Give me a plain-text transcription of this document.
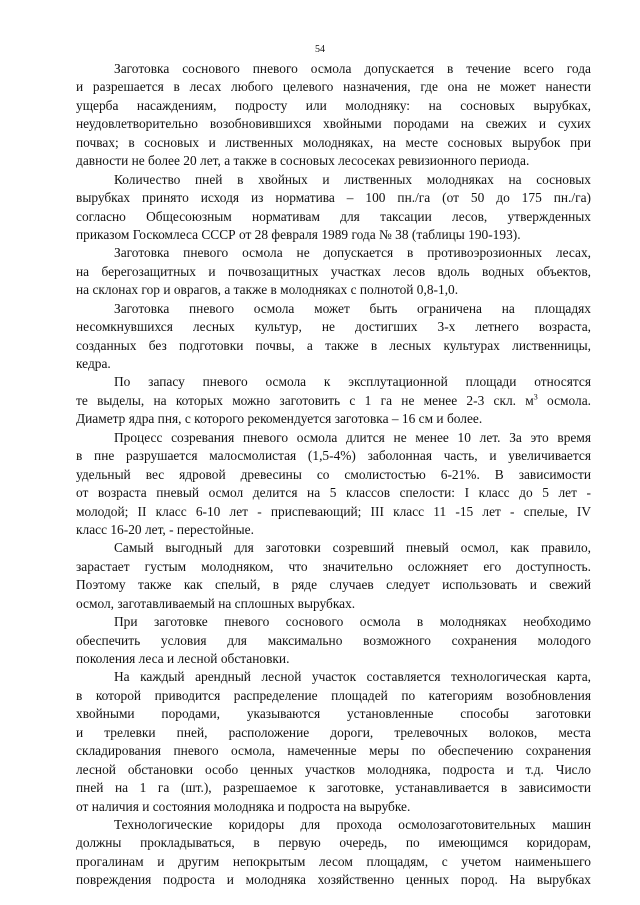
54
Заготовка соснового пневого осмола допускается в течение всего года
и разрешается в лесах любого целевого назначения, где она не может нанести
ущерба насаждениям, подросту или молодняку: на сосновых вырубках,
неудовлетворительно возобновившихся хвойными породами на свежих и сухих
почвах; в сосновых и лиственных молодняках, на месте сосновых вырубок при
давности не более 20 лет, а также в сосновых лесосеках ревизионного периода.
Количество пней в хвойных и лиственных молодняках на сосновых
вырубках принято исходя из норматива – 100 пн./га (от 50 до 175 пн./га)
согласно Общесоюзным нормативам для таксации лесов, утвержденных
приказом Госкомлеса СССР от 28 февраля 1989 года № 38 (таблицы 190-193).
Заготовка пневого осмола не допускается в противоэрозионных лесах,
на берегозащитных и почвозащитных участках лесов вдоль водных объектов,
на склонах гор и оврагов, а также в молодняках с полнотой 0,8-1,0.
Заготовка пневого осмола может быть ограничена на площадях
несомкнувшихся лесных культур, не достигших 3-х летнего возраста,
созданных без подготовки почвы, а также в лесных культурах лиственницы,
кедра.
По запасу пневого осмола к эксплутационной площади относятся
те выделы, на которых можно заготовить с 1 га не менее 2-3 скл. $м^3$ осмола.
Диаметр ядра пня, с которого рекомендуется заготовка – 16 см и более.
Процесс созревания пневого осмола длится не менее 10 лет. За это время
в пне разрушается малосмолистая (1,5-4%) заболонная часть, и увеличивается
удельный вес ядровой древесины со смолистостью 6-21%. В зависимости
от возраста пневый осмол делится на 5 классов спелости: I класс до 5 лет -
молодой; II класс 6-10 лет - приспевающий; III класс 11 -15 лет - спелые, IV
класс 16-20 лет, - перестойные.
Самый выгодный для заготовки созревший пневый осмол, как правило,
зарастает густым молодняком, что значительно осложняет его доступность.
Поэтому также как спелый, в ряде случаев следует использовать и свежий
осмол, заготавливаемый на сплошных вырубках.
При заготовке пневого соснового осмола в молодняках необходимо
обеспечить условия для максимально возможного сохранения молодого
поколения леса и лесной обстановки.
На каждый арендный лесной участок составляется технологическая карта,
в которой приводится распределение площадей по категориям возобновления
хвойными породами, указываются установленные способы заготовки
и трелевки пней, расположение дороги, трелевочных волоков, места
складирования пневого осмола, намеченные меры по обеспечению сохранения
лесной обстановки особо ценных участков молодняка, подроста и т.д. Число
пней на 1 га (шт.), разрешаемое к заготовке, устанавливается в зависимости
от наличия и состояния молодняка и подроста на вырубке.
Технологические коридоры для прохода осмолозаготовительных машин
должны прокладываться, в первую очередь, по имеющимся коридорам,
прогалинам и другим непокрытым лесом площадям, с учетом наименьшего
повреждения подроста и молодняка хозяйственно ценных пород. На вырубках
